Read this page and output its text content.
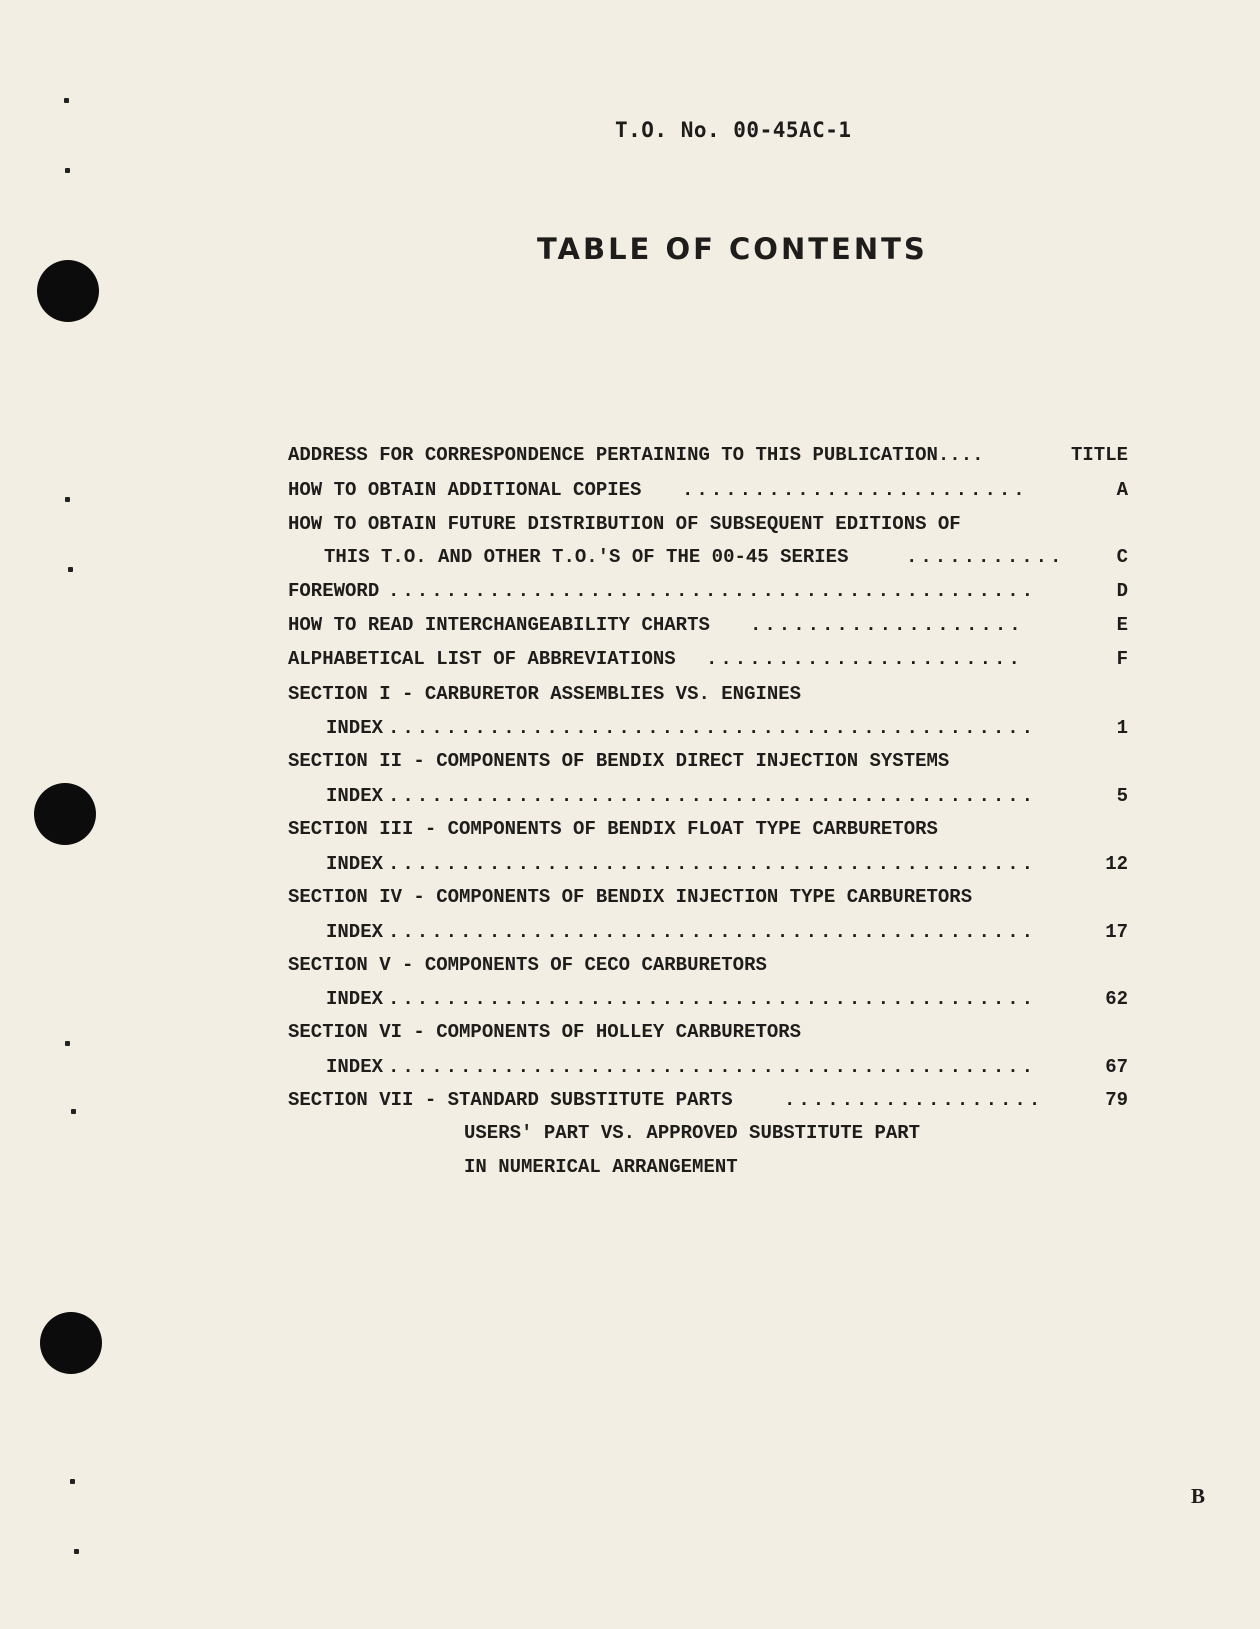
T.O. No. 00-45AC-1
TABLE OF CONTENTS
ADDRESS FOR CORRESPONDENCE PERTAINING TO THIS PUBLICATION....	TITLE
HOW TO OBTAIN ADDITIONAL COPIES ........................	A
HOW TO OBTAIN FUTURE DISTRIBUTION OF SUBSEQUENT EDITIONS OF
THIS T.O. AND OTHER T.O.'S OF THE 00-45 SERIES	...........	C
FOREWORD .............................................	D
HOW TO READ INTERCHANGEABILITY CHARTS ...................	E
ALPHABETICAL LIST OF ABBREVIATIONS ......................	F
SECTION I - CARBURETOR ASSEMBLIES VS. ENGINES
INDEX .............................................	1
SECTION II - COMPONENTS OF BENDIX DIRECT INJECTION SYSTEMS
INDEX .............................................	5
SECTION III - COMPONENTS OF BENDIX FLOAT TYPE CARBURETORS
INDEX .............................................	12
SECTION IV - COMPONENTS OF BENDIX INJECTION TYPE CARBURETORS
INDEX .............................................	17
SECTION V - COMPONENTS OF CECO CARBURETORS
INDEX .............................................	62
SECTION VI - COMPONENTS OF HOLLEY CARBURETORS
INDEX .............................................	67
SECTION VII - STANDARD SUBSTITUTE PARTS	..................	79
USERS' PART VS. APPROVED SUBSTITUTE PART
IN NUMERICAL ARRANGEMENT
B
